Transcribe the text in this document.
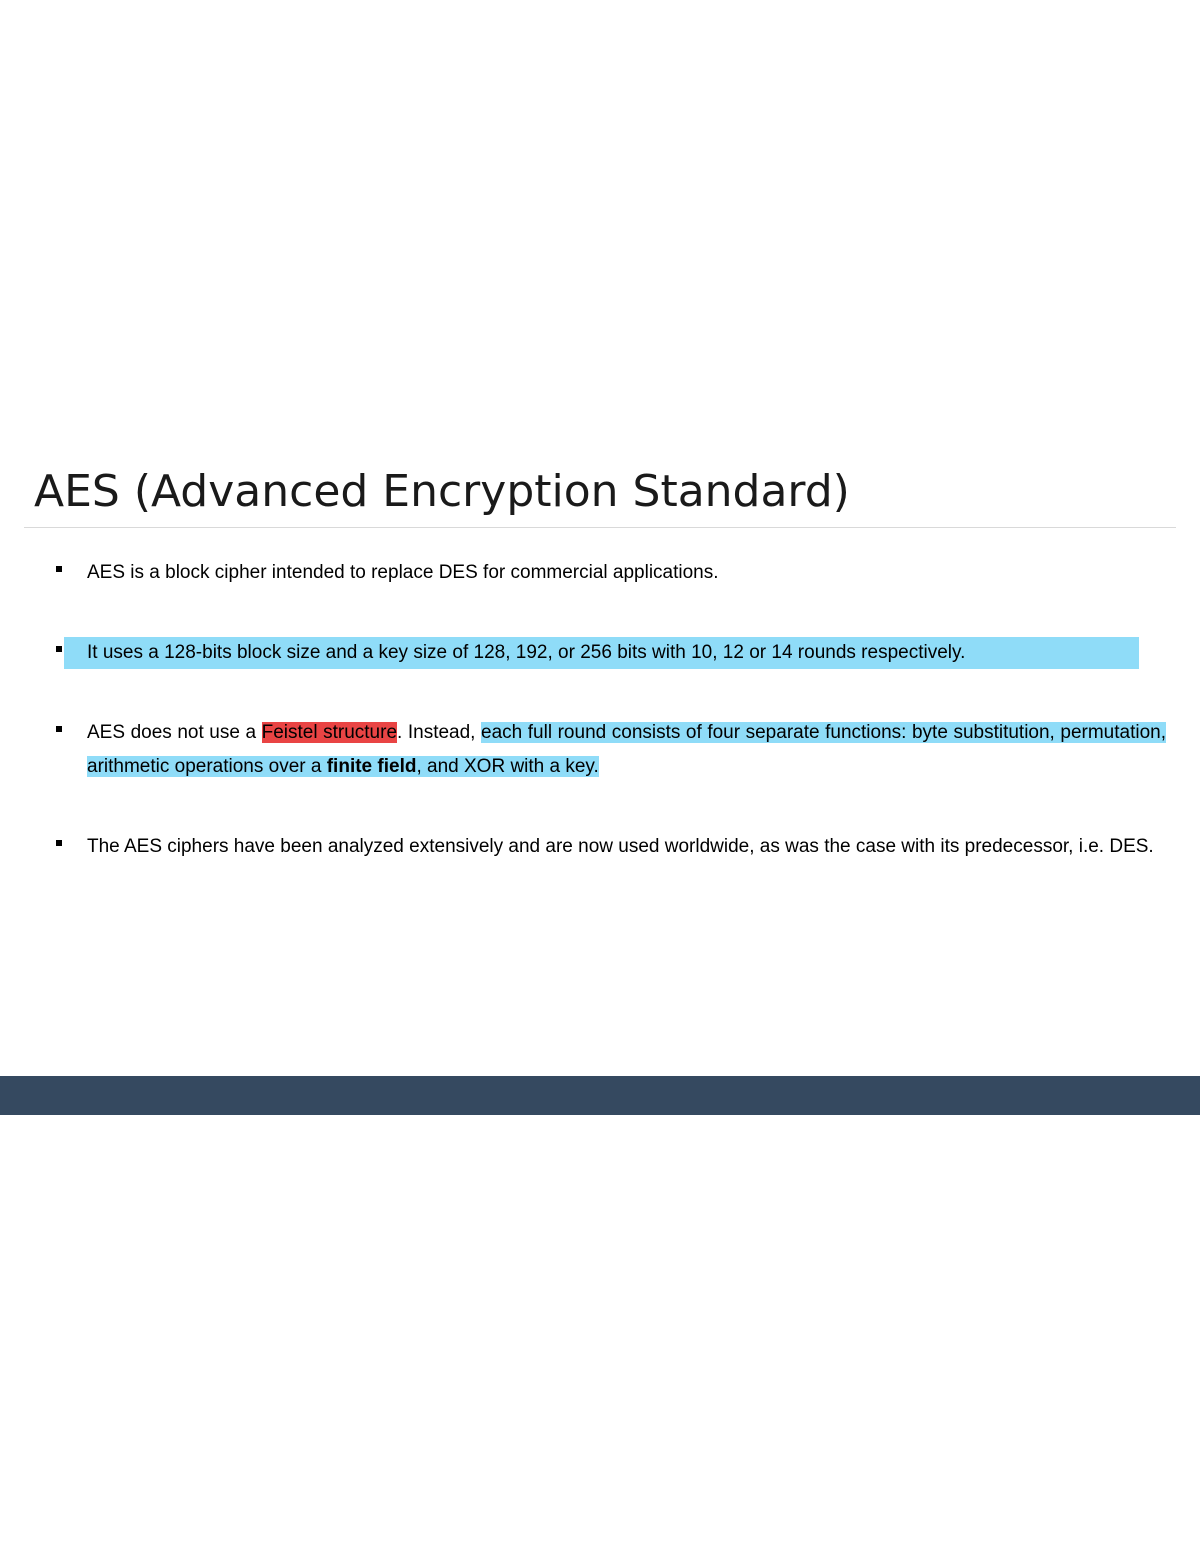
AES (Advanced Encryption Standard)

AES is a block cipher intended to replace DES for commercial applications.

It uses a 128-bits block size and a key size of 128, 192, or 256 bits with 10, 12 or 14 rounds respectively.

AES does not use a Feistel structure. Instead, each full round consists of four separate functions: byte substitution, permutation, arithmetic operations over a finite field, and XOR with a key.

The AES ciphers have been analyzed extensively and are now used worldwide, as was the case with its predecessor, i.e. DES.
